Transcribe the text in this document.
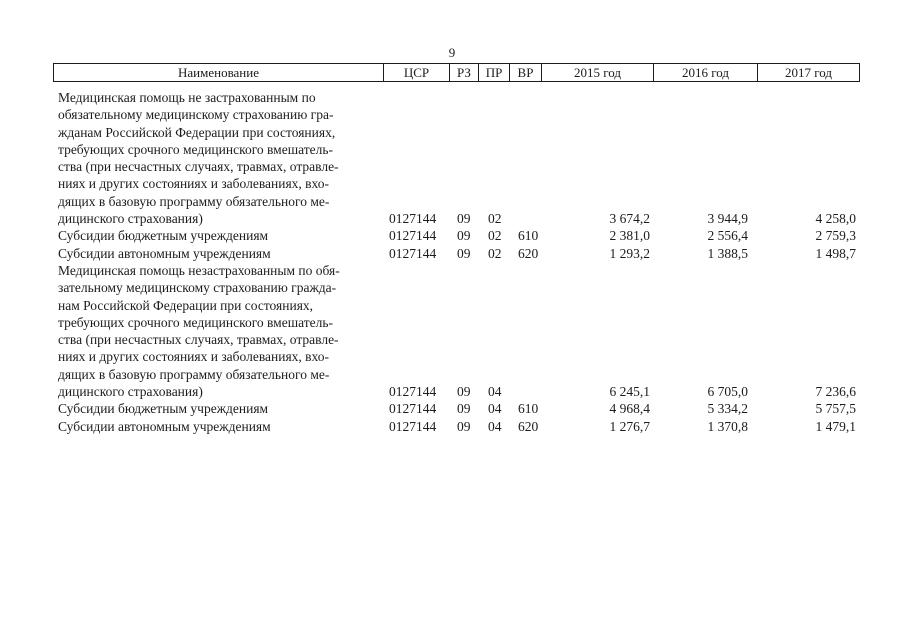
9
Наименование	ЦСР	РЗ	ПР	ВР	2015 год	2016 год	2017 год
Медицинская помощь не застрахованным по
обязательному медицинскому страхованию гра-
жданам Российской Федерации при состояниях,
требующих срочного медицинского вмешатель-
ства (при несчастных случаях, травмах, отравле-
ниях и других состояниях и заболеваниях, вхо-
дящих в базовую программу обязательного ме-
дицинского страхования)	0127144 09 02	3 674,2	3 944,9	4 258,0
Субсидии бюджетным учреждениям	0127144 09 02 610	2 381,0	2 556,4	2 759,3
Субсидии автономным учреждениям	0127144 09 02 620	1 293,2	1 388,5	1 498,7
Медицинская помощь незастрахованным по обя-
зательному медицинскому страхованию гражда-
нам Российской Федерации при состояниях,
требующих срочного медицинского вмешатель-
ства (при несчастных случаях, травмах, отравле-
ниях и других состояниях и заболеваниях, вхо-
дящих в базовую программу обязательного ме-
дицинского страхования)	0127144 09 04	6 245,1	6 705,0	7 236,6
Субсидии бюджетным учреждениям	0127144 09 04 610	4 968,4	5 334,2	5 757,5
Субсидии автономным учреждениям	0127144 09 04 620	1 276,7	1 370,8	1 479,1
